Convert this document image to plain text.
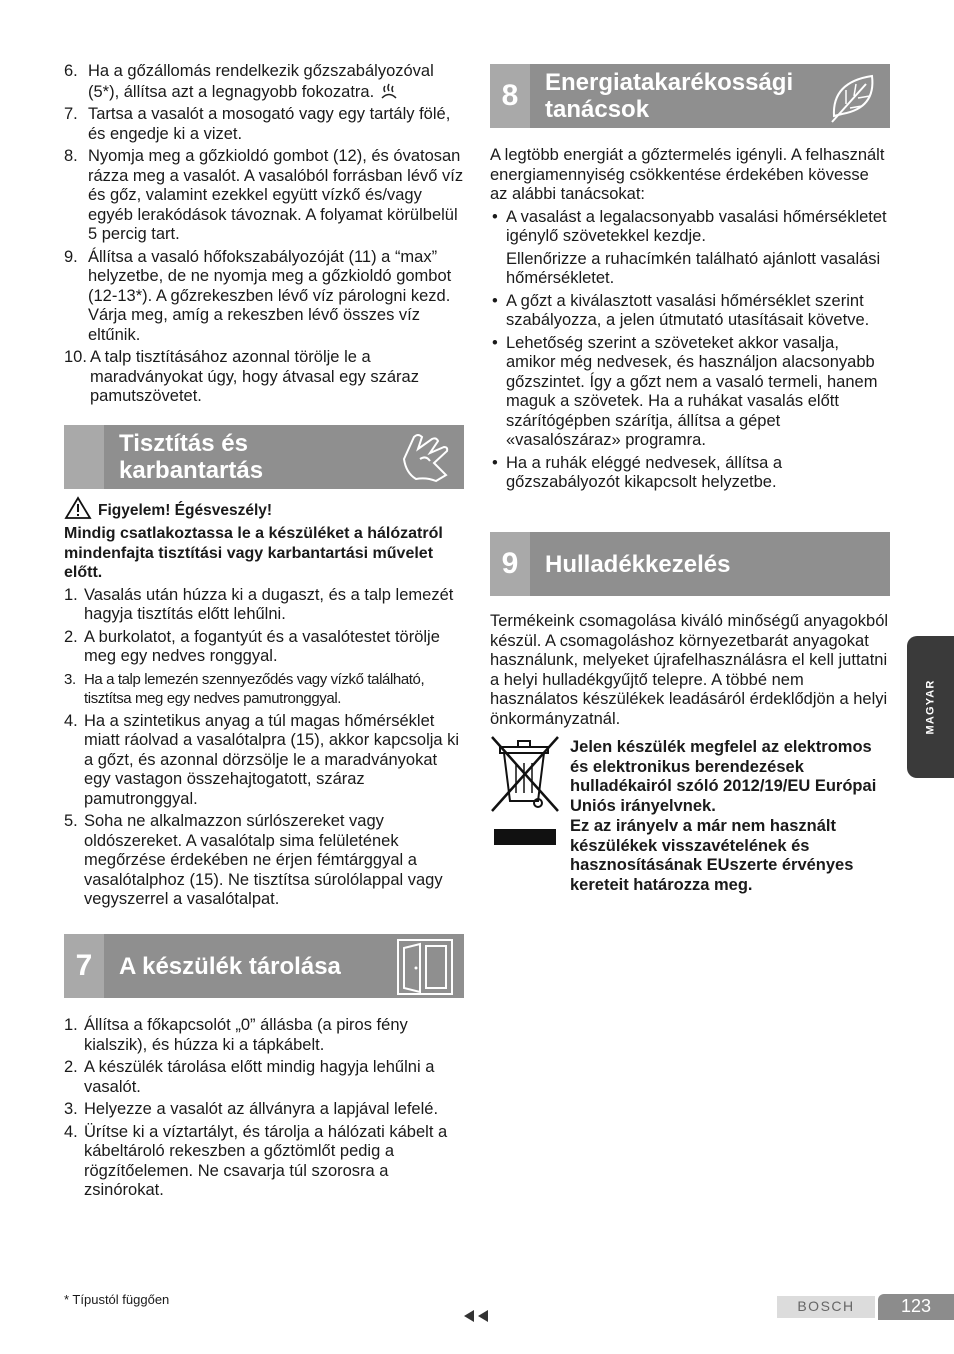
6. Ha a gőzállomás rendelkezik gőzszabályozóval (5*), állítsa azt a legnagyobb fokozatra.
7. Tartsa a vasalót a mosogató vagy egy tartály fölé, és engedje ki a vizet.
8. Nyomja meg a gőzkioldó gombot (12), és óvatosan rázza meg a vasalót. A vasalóból forrásban lévő víz és gőz, valamint ezekkel együtt vízkő és/vagy egyéb lerakódások távoznak. A folyamat körülbelül 5 percig tart.
9. Állítsa a vasaló hőfokszabályozóját (11) a “max” helyzetbe, de ne nyomja meg a gőzkioldó gombot (12-13*). A gőzrekeszben lévő víz párologni kezd. Várja meg, amíg a rekeszben lévő összes víz eltűnik.
10. A talp tisztításához azonnal törölje le a maradványokat úgy, hogy átvasal egy száraz pamutszövetet.
Tisztítás és karbantartás
Figyelem! Égésveszély!

Mindig csatlakoztassa le a készüléket a hálózatról mindenfajta tisztítási vagy karbantartási művelet előtt.

1. Vasalás után húzza ki a dugaszt, és a talp lemezét hagyja tisztítás előtt lehűlni.
2. A burkolatot, a fogantyút és a vasalótestet törölje meg egy nedves ronggyal.
3. Ha a talp lemezén szennyeződés vagy vízkő található, tisztítsa meg egy nedves pamutronggyal.
4. Ha a szintetikus anyag a túl magas hőmérséklet miatt ráolvad a vasalótalpra (15), akkor kapcsolja ki a gőzt, és azonnal dörzsölje le a maradványokat egy vastagon összehajtogatott, száraz pamutronggyal.
5. Soha ne alkalmazzon súrlószereket vagy oldószereket. A vasalótalp sima felületének megőrzése érdekében ne érjen fémtárggyal a vasalótalphoz (15). Ne tisztítsa súrolólappal vagy vegyszerrel a vasalótalpat.
7	A készülék tárolása
1. Állítsa a főkapcsolót „0” állásba (a piros fény kialszik), és húzza ki a tápkábelt.
2. A készülék tárolása előtt mindig hagyja lehűlni a vasalót.
3. Helyezze a vasalót az állványra a lapjával lefelé.
4. Ürítse ki a víztartályt, és tárolja a hálózati kábelt a kábeltároló rekeszben a gőztömlőt pedig a rögzítőelemen. Ne csavarja túl szorosra a zsinórokat.
8	Energiatakarékossági tanácsok

A legtöbb energiát a gőztermelés igényli. A felhasznált energiamennyiség csökkentése érdekében kövesse az alábbi tanácsokat:

• A vasalást a legalacsonyabb vasalási hőmérsékletet igénylő szövetekkel kezdje.
Ellenőrizze a ruhacímkén található ajánlott vasalási hőmérsékletet.
• A gőzt a kiválasztott vasalási hőmérséklet szerint szabályozza, a jelen útmutató utasításait követve.
• Lehetőség szerint a szöveteket akkor vasalja, amikor még nedvesek, és használjon alacsonyabb gőzszintet. Így a gőzt nem a vasaló termeli, hanem maguk a szövetek. Ha a ruhákat vasalás előtt szárítógépben szárítja, állítsa a gépet «vasalószáraz» programra.
• Ha a ruhák eléggé nedvesek, állítsa a gőzszabályozót kikapcsolt helyzetbe.
9	Hulladékkezelés

Termékeink csomagolása kiváló minőségű anyagokból készül. A csomagoláshoz környezetbarát anyagokat használunk, melyeket újrafelhasználásra el kell juttatni a helyi hulladékgyűjtő telepre. A többé nem használatos készülékek leadásáról érdeklődjön a helyi önkormányzatnál.

Jelen készülék megfelel az elektromos és elektronikus berendezések hulladékairól szóló 2012/19/EU Európai Uniós irányelvnek.

Ez az irányelv a már nem használt készülékek visszavételének és hasznosításának EUszerte érvényes kereteit határozza meg.

MAGYAR
* Típustól függően	BOSCH	123
